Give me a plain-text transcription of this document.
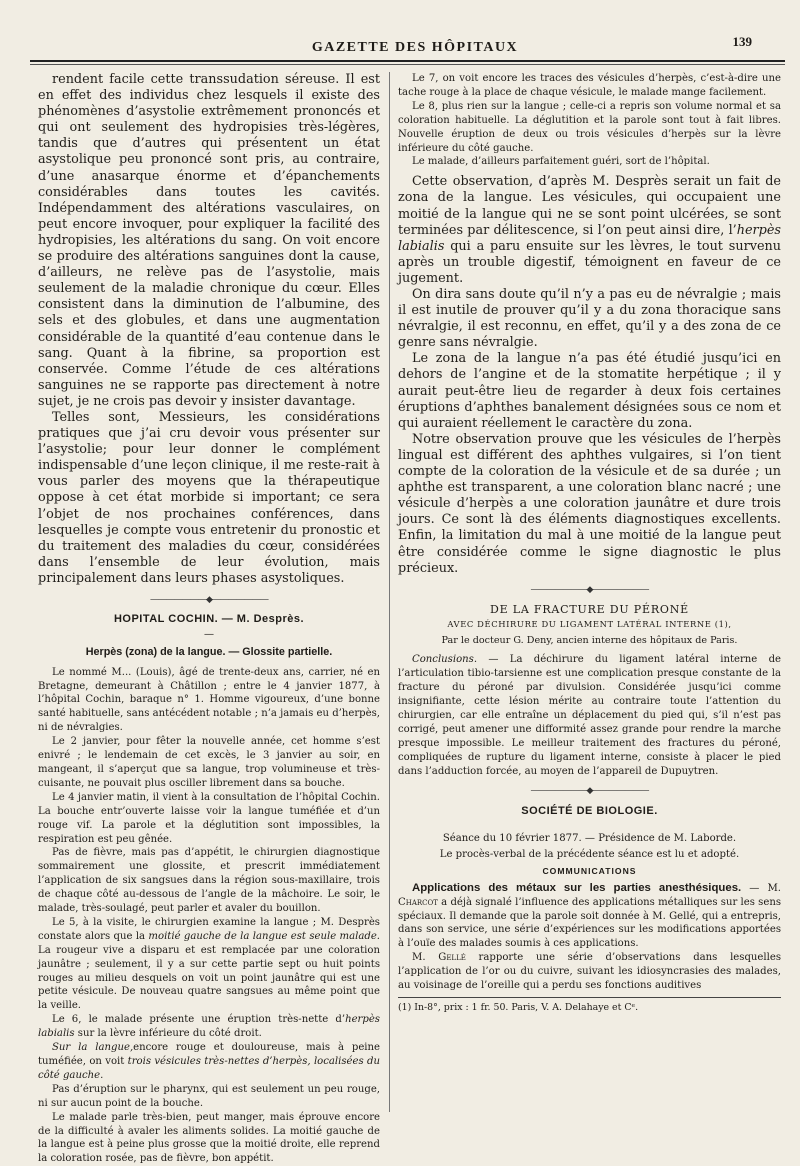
GAZETTE DES HÔPITAUX	139

rendent facile cette transsudation séreuse. Il est en effet des individus chez lesquels il existe des phénomènes d’asystolie extrêmement prononcés et qui ont seulement des hydropisies très-légères, tandis que d’autres qui présentent un état asystolique peu prononcé sont pris, au contraire, d’une anasarque énorme et d’épanchements considérables dans toutes les cavités. Indépendamment des altérations vasculaires, on peut encore invoquer, pour expliquer la facilité des hydropisies, les altérations du sang. On voit encore se produire des altérations sanguines dont la cause, d’ailleurs, ne relève pas de l’asystolie, mais seulement de la maladie chronique du cœur. Elles consistent dans la diminution de l’albumine, des sels et des globules, et dans une augmentation considérable de la quantité d’eau contenue dans le sang. Quant à la fibrine, sa proportion est conservée. Comme l’étude de ces altérations sanguines ne se rapporte pas directement à notre sujet, je ne crois pas devoir y insister davantage.

Telles sont, Messieurs, les considérations pratiques que j’ai cru devoir vous présenter sur l’asystolie; pour leur donner le complément indispensable d’une leçon clinique, il me reste-rait à vous parler des moyens que la thérapeutique oppose à cet état morbide si important; ce sera l’objet de nos prochaines conférences, dans lesquelles je compte vous entretenir du pronostic et du traitement des maladies du cœur, considérées dans l’ensemble de leur évolution, mais principalement dans leurs phases asystoliques.

———————◆———————
HOPITAL COCHIN. — M. Desprès.
—
Herpès (zona) de la langue. — Glossite partielle.

Le nommé M... (Louis), âgé de trente-deux ans, carrier, né en Bretagne, demeurant à Châtillon ; entre le 4 janvier 1877, à l’hôpital Cochin, baraque n° 1. Homme vigoureux, d’une bonne santé habituelle, sans antécédent notable ; n’a jamais eu d’herpès, ni de névralgies.

Le 2 janvier, pour fêter la nouvelle année, cet homme s’est enivré ; le lendemain de cet excès, le 3 janvier au soir, en mangeant, il s’aperçut que sa langue, trop volumineuse et très-cuisante, ne pouvait plus osciller librement dans sa bouche.

Le 4 janvier matin, il vient à la consultation de l’hôpital Cochin. La bouche entr’ouverte laisse voir la langue tuméfiée et d’un rouge vif. La parole et la déglutition sont impossibles, la respiration est peu gênée.

Pas de fièvre, mais pas d’appétit, le chirurgien diagnostique sommairement une glossite, et prescrit immédiatement l’application de six sangsues dans la région sous-maxillaire, trois de chaque côté au-dessous de l’angle de la mâchoire. Le soir, le malade, très-soulagé, peut parler et avaler du bouillon.

Le 5, à la visite, le chirurgien examine la langue ; M. Desprès constate alors que la moitié gauche de la langue est seule malade. La rougeur vive a disparu et est remplacée par une coloration jaunâtre ; seulement, il y a sur cette partie sept ou huit points rouges au milieu desquels on voit un point jaunâtre qui est une petite vésicule. De nouveau quatre sangsues au même point que la veille.

Le 6, le malade présente une éruption très-nette d’herpès labialis sur la lèvre inférieure du côté droit.

Sur la langue,encore rouge et douloureuse, mais à peine tuméfiée, on voit trois vésicules très-nettes d’herpès, localisées du côté gauche.

Pas d’éruption sur le pharynx, qui est seulement un peu rouge, ni sur aucun point de la bouche.

Le malade parle très-bien, peut manger, mais éprouve encore de la difficulté à avaler les aliments solides. La moitié gauche de la langue est à peine plus grosse que la moitié droite, elle reprend la coloration rosée, pas de fièvre, bon appétit.

Le 7, on voit encore les traces des vésicules d’herpès, c’est-à-dire une tache rouge à la place de chaque vésicule, le malade mange facilement.

Le 8, plus rien sur la langue ; celle-ci a repris son volume normal et sa coloration habituelle. La déglutition et la parole sont tout à fait libres. Nouvelle éruption de deux ou trois vésicules d’herpès sur la lèvre inférieure du côté gauche.

Le malade, d’ailleurs parfaitement guéri, sort de l’hôpital.

Cette observation, d’après M. Desprès serait un fait de zona de la langue. Les vésicules, qui occupaient une moitié de la langue qui ne se sont point ulcérées, se sont terminées par délitescence, si l’on peut ainsi dire, l’herpès labialis qui a paru ensuite sur les lèvres, le tout survenu après un trouble digestif, témoignent en faveur de ce jugement.

On dira sans doute qu’il n’y a pas eu de névralgie ; mais il est inutile de prouver qu’il y a du zona thoracique sans névralgie, il est reconnu, en effet, qu’il y a des zona de ce genre sans névralgie.

Le zona de la langue n’a pas été étudié jusqu’ici en dehors de l’angine et de la stomatite herpétique ; il y aurait peut-être lieu de regarder à deux fois certaines éruptions d’aphthes banalement désignées sous ce nom et qui auraient réellement le caractère du zona.

Notre observation prouve que les vésicules de l’herpès lingual est différent des aphthes vulgaires, si l’on tient compte de la coloration de la vésicule et de sa durée ; un aphthe est transparent, a une coloration blanc nacré ; une vésicule d’herpès a une coloration jaunâtre et dure trois jours. Ce sont là des éléments diagnostiques excellents. Enfin, la limitation du mal à une moitié de la langue peut être considérée comme le signe diagnostic le plus précieux.

———————◆———————
DE LA FRACTURE DU PÉRONÉ
AVEC DÉCHIRURE DU LIGAMENT LATÉRAL INTERNE (1),
Par le docteur G. Deny, ancien interne des hôpitaux de Paris.

Conclusions. — La déchirure du ligament latéral interne de l’articulation tibio-tarsienne est une complication presque constante de la fracture du péroné par divulsion. Considérée jusqu’ici comme insignifiante, cette lésion mérite au contraire toute l’attention du chirurgien, car elle entraîne un déplacement du pied qui, s’il n’est pas corrigé, peut amener une difformité assez grande pour rendre la marche presque impossible. Le meilleur traitement des fractures du péroné, compliquées de rupture du ligament interne, consiste à placer le pied dans l’adduction forcée, au moyen de l’appareil de Dupuytren.

———————◆———————
SOCIÉTÉ DE BIOLOGIE.

Séance du 10 février 1877. — Présidence de M. Laborde.

Le procès-verbal de la précédente séance est lu et adopté.

COMMUNICATIONS

Applications des métaux sur les parties anesthésiques. — M. Charcot a déjà signalé l’influence des applications métalliques sur les sens spéciaux. Il demande que la parole soit donnée à M. Gellé, qui a entrepris, dans son service, une série d’expériences sur les modifications apportées à l’ouïe des malades soumis à ces applications.

M. Gellé rapporte une série d’observations dans lesquelles l’application de l’or ou du cuivre, suivant les idiosyncrasies des malades, au voisinage de l’oreille qui a perdu ses fonctions auditives

(1) In-8°, prix : 1 fr. 50. Paris, V. A. Delahaye et Cᵉ.
